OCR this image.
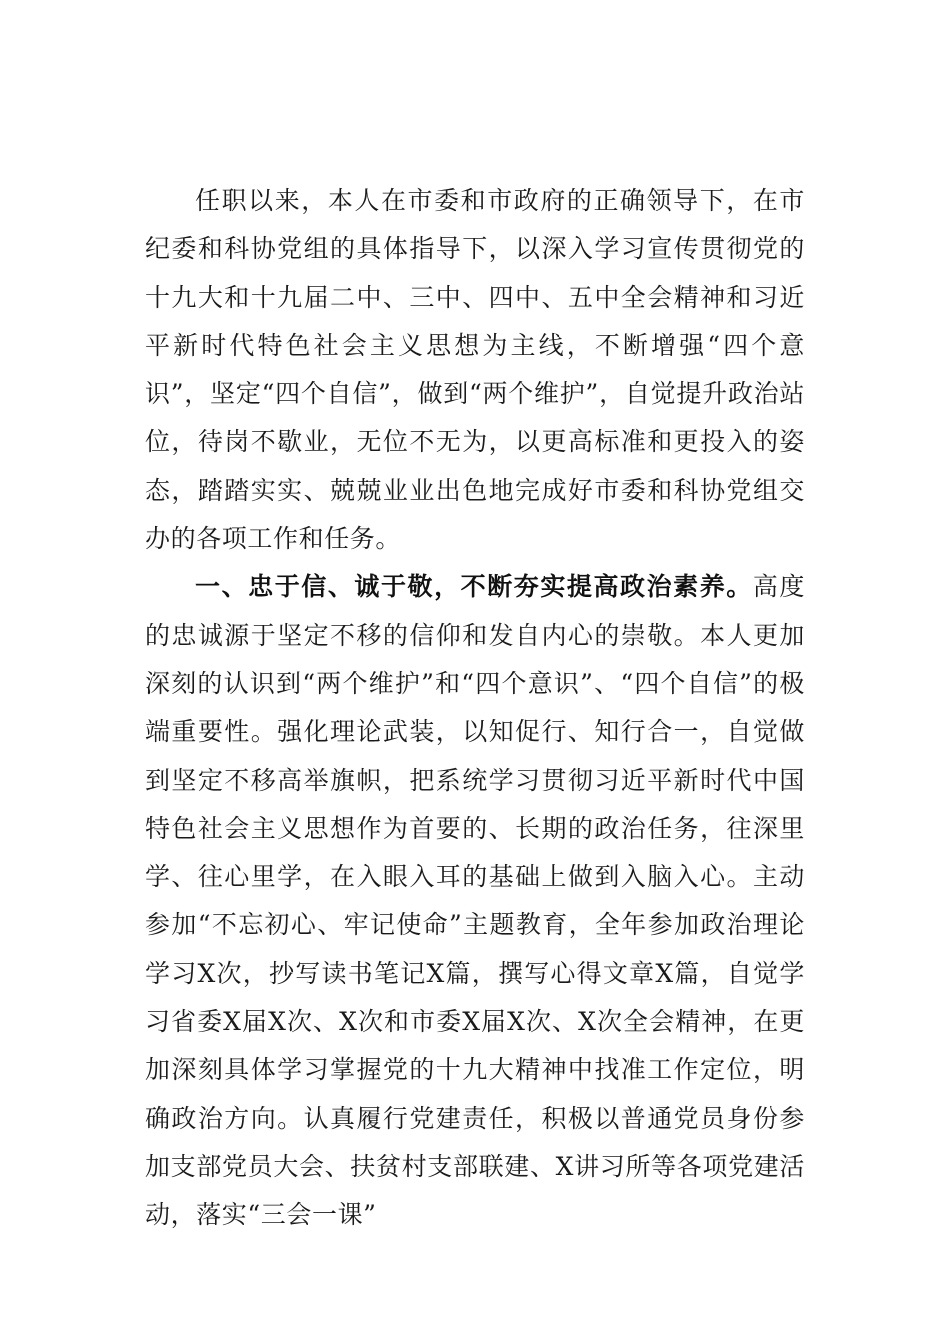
任职以来，本人在市委和市政府的正确领导下，在市纪委和科协党组的具体指导下，以深入学习宣传贯彻党的十九大和十九届二中、三中、四中、五中全会精神和习近平新时代特色社会主义思想为主线，不断增强“四个意识”，坚定“四个自信”，做到“两个维护”，自觉提升政治站位，待岗不歇业，无位不无为，以更高标准和更投入的姿态，踏踏实实、兢兢业业出色地完成好市委和科协党组交办的各项工作和任务。

一、忠于信、诚于敬，不断夯实提高政治素养。高度的忠诚源于坚定不移的信仰和发自内心的崇敬。本人更加深刻的认识到“两个维护”和“四个意识”、“四个自信”的极端重要性。强化理论武装，以知促行、知行合一，自觉做到坚定不移高举旗帜，把系统学习贯彻习近平新时代中国特色社会主义思想作为首要的、长期的政治任务，往深里学、往心里学，在入眼入耳的基础上做到入脑入心。主动参加“不忘初心、牢记使命”主题教育，全年参加政治理论学习X次，抄写读书笔记X篇，撰写心得文章X篇，自觉学习省委X届X次、X次和市委X届X次、X次全会精神，在更加深刻具体学习掌握党的十九大精神中找准工作定位，明确政治方向。认真履行党建责任，积极以普通党员身份参加支部党员大会、扶贫村支部联建、X讲习所等各项党建活动，落实“三会一课”
